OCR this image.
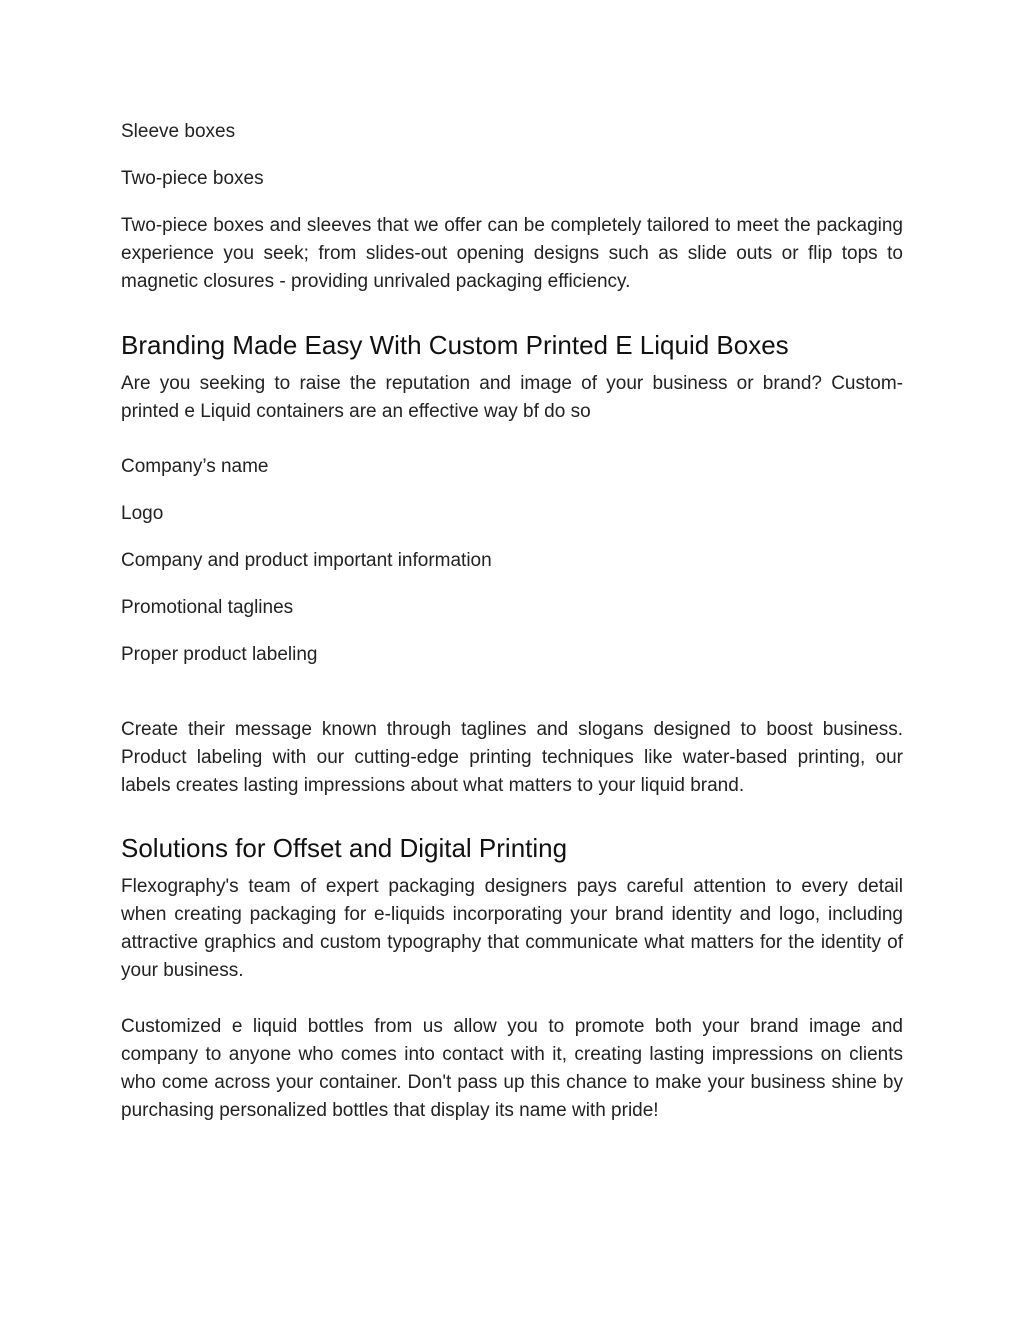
Sleeve boxes

Two-piece boxes

Two-piece boxes and sleeves that we offer can be completely tailored to meet the packaging experience you seek; from slides-out opening designs such as slide outs or flip tops to magnetic closures - providing unrivaled packaging efficiency.

Branding Made Easy With Custom Printed E Liquid Boxes

Are you seeking to raise the reputation and image of your business or brand? Custom-printed e Liquid containers are an effective way bf do so

Company’s name

Logo

Company and product important information

Promotional taglines

Proper product labeling

Create their message known through taglines and slogans designed to boost business. Product labeling with our cutting-edge printing techniques like water-based printing, our labels creates lasting impressions about what matters to your liquid brand.

Solutions for Offset and Digital Printing

Flexography's team of expert packaging designers pays careful attention to every detail when creating packaging for e-liquids incorporating your brand identity and logo, including attractive graphics and custom typography that communicate what matters for the identity of your business.

Customized e liquid bottles from us allow you to promote both your brand image and company to anyone who comes into contact with it, creating lasting impressions on clients who come across your container. Don't pass up this chance to make your business shine by purchasing personalized bottles that display its name with pride!
